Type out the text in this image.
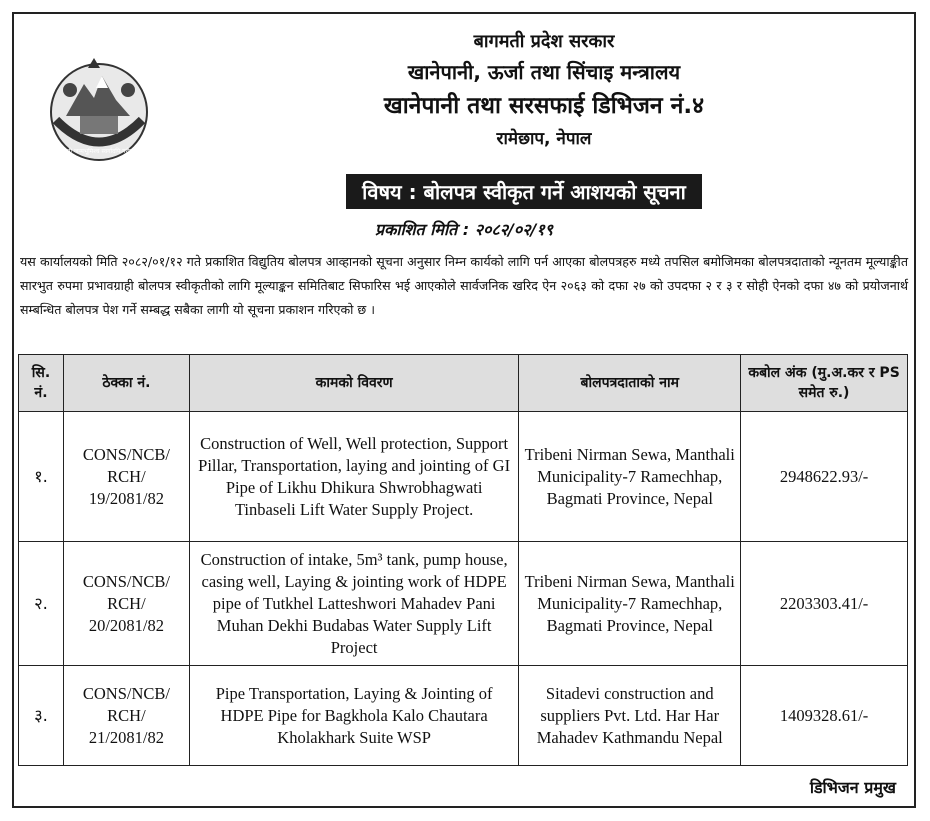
जननी जन्मभूमिश्च स्वर्गादपि गरीयसी
बागमती प्रदेश सरकार
खानेपानी, ऊर्जा तथा सिंचाइ मन्त्रालय
खानेपानी तथा सरसफाई डिभिजन नं.४
रामेछाप, नेपाल
विषय : बोलपत्र स्वीकृत गर्ने आशयको सूचना
प्रकाशित मिति : २०८२/०२/१९
यस कार्यालयको मिति २०८२/०१/१२ गते प्रकाशित विद्युतिय बोलपत्र आव्हानको सूचना अनुसार निम्न कार्यको लागि पर्न आएका बोलपत्रहरु मध्ये तपसिल बमोजिमका बोलपत्रदाताको न्यूनतम मूल्याङ्कीत सारभुत रुपमा प्रभावग्राही बोलपत्र स्वीकृतीको लागि मूल्याङ्कन समितिबाट सिफारिस भई आएकोले सार्वजनिक खरिद ऐन २०६३ को दफा २७ को उपदफा २ र ३ र सोही ऐनको दफा ४७ को प्रयोजनार्थ सम्बन्धित बोलपत्र पेश गर्ने सम्बद्ध सबैका लागी यो सूचना प्रकाशन गरिएको छ ।
सि. नं.	ठेक्का नं.	कामको विवरण	बोलपत्रदाताको नाम	कबोल अंक (मु.अ.कर र PS समेत रु.)
१.	CONS/NCB/ RCH/ 19/2081/82	Construction of Well, Well protection, Support Pillar, Transportation, laying and jointing of GI Pipe of Likhu Dhikura Shwrobhagwati Tinbaseli Lift Water Supply Project.	Tribeni Nirman Sewa, Manthali Municipality-7 Ramechhap, Bagmati Province, Nepal	2948622.93/-
२.	CONS/NCB/ RCH/ 20/2081/82	Construction of intake, 5m³ tank, pump house, casing well, Laying & jointing work of HDPE pipe of Tutkhel Latteshwori Mahadev Pani Muhan Dekhi Budabas Water Supply Lift Project	Tribeni Nirman Sewa, Manthali Municipality-7 Ramechhap, Bagmati Province, Nepal	2203303.41/-
३.	CONS/NCB/ RCH/ 21/2081/82	Pipe Transportation, Laying & Jointing of HDPE Pipe for Bagkhola Kalo Chautara Kholakhark Suite WSP	Sitadevi construction and suppliers Pvt. Ltd. Har Har Mahadev Kathmandu Nepal	1409328.61/-
डिभिजन प्रमुख
